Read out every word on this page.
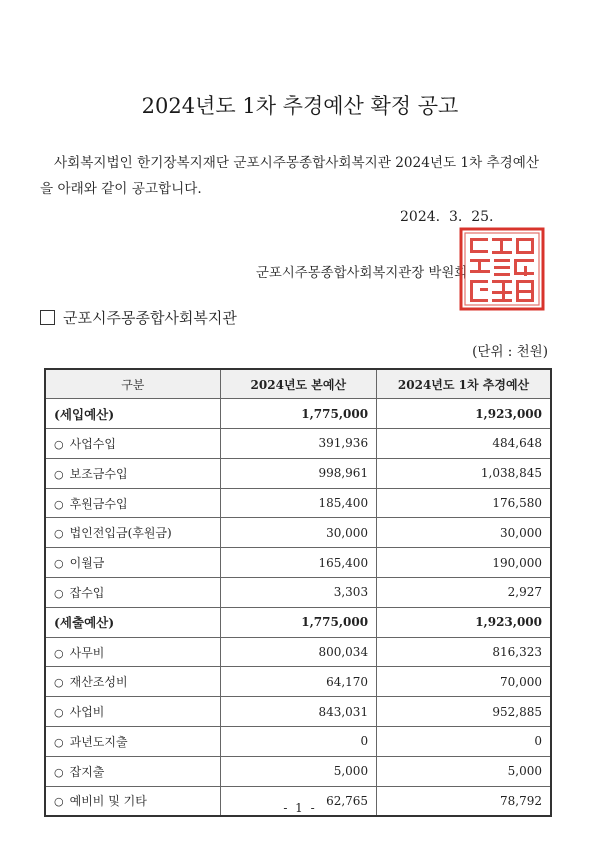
2024년도 1차 추경예산 확정 공고
사회복지법인 한기장복지재단 군포시주몽종합사회복지관 2024년도 1차 추경예산
을 아래와 같이 공고합니다.
2024.  3.  25.
군포시주몽종합사회복지관장 박원희
군포시주몽종합사회복지관
(단위 : 천원)
구분	2024년도 본예산	2024년도 1차 추경예산
(세입예산)	1,775,000	1,923,000
○ 사업수입	391,936	484,648
○ 보조금수입	998,961	1,038,845
○ 후원금수입	185,400	176,580
○ 법인전입금(후원금)	30,000	30,000
○ 이월금	165,400	190,000
○ 잡수입	3,303	2,927
(세출예산)	1,775,000	1,923,000
○ 사무비	800,034	816,323
○ 재산조성비	64,170	70,000
○ 사업비	843,031	952,885
○ 과년도지출	0	0
○ 잡지출	5,000	5,000
○ 예비비 및 기타	62,765	78,792
- 1 -
